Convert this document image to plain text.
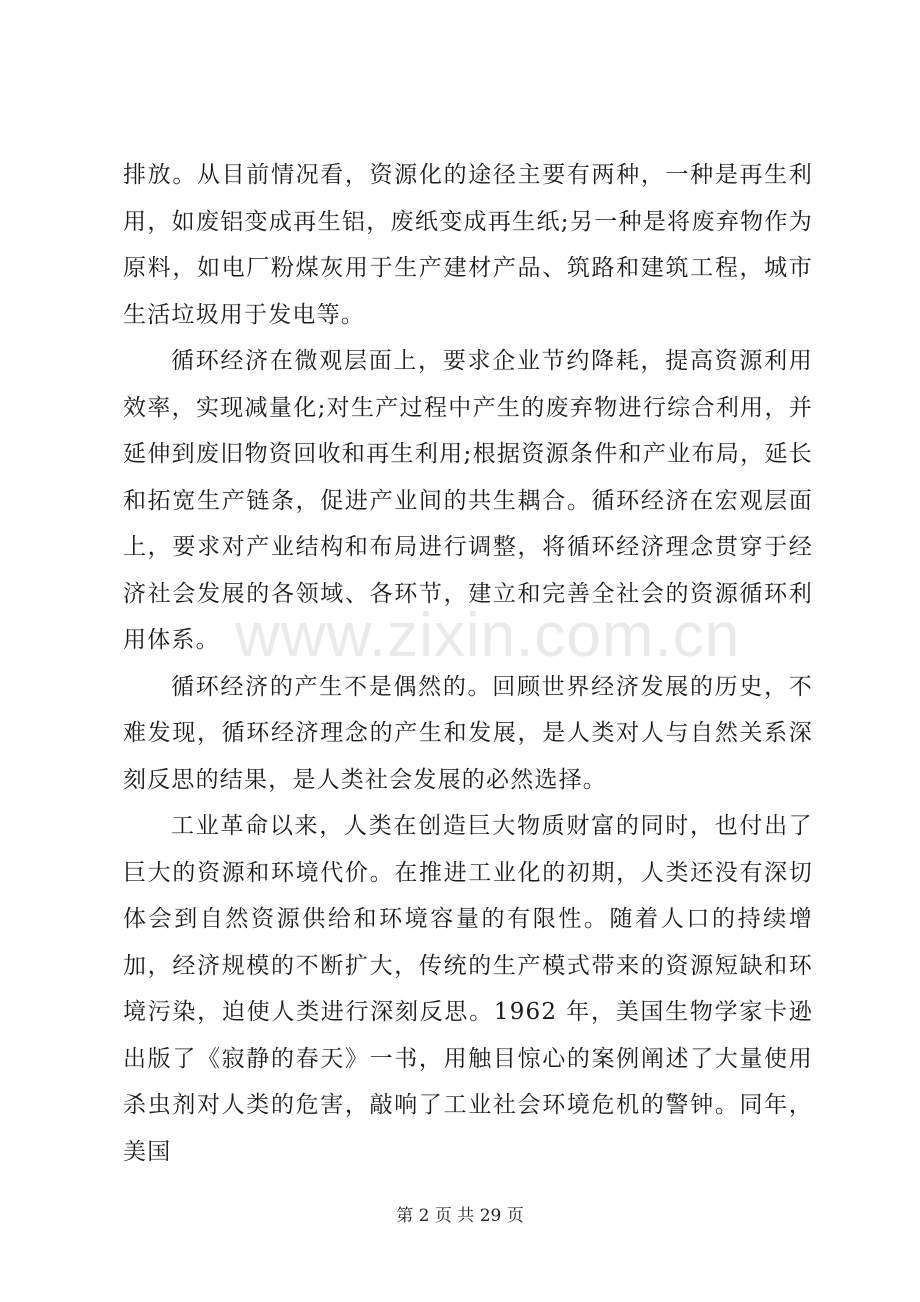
排放。从目前情况看，资源化的途径主要有两种，一种是再生利用，如废铝变成再生铝，废纸变成再生纸;另一种是将废弃物作为原料，如电厂粉煤灰用于生产建材产品、筑路和建筑工程，城市生活垃圾用于发电等。

循环经济在微观层面上，要求企业节约降耗，提高资源利用效率，实现减量化;对生产过程中产生的废弃物进行综合利用，并延伸到废旧物资回收和再生利用;根据资源条件和产业布局，延长和拓宽生产链条，促进产业间的共生耦合。循环经济在宏观层面上，要求对产业结构和布局进行调整，将循环经济理念贯穿于经济社会发展的各领域、各环节，建立和完善全社会的资源循环利用体系。

循环经济的产生不是偶然的。回顾世界经济发展的历史，不难发现，循环经济理念的产生和发展，是人类对人与自然关系深刻反思的结果，是人类社会发展的必然选择。

工业革命以来，人类在创造巨大物质财富的同时，也付出了巨大的资源和环境代价。在推进工业化的初期，人类还没有深切体会到自然资源供给和环境容量的有限性。随着人口的持续增加，经济规模的不断扩大，传统的生产模式带来的资源短缺和环境污染，迫使人类进行深刻反思。1962 年，美国生物学家卡逊出版了《寂静的春天》一书，用触目惊心的案例阐述了大量使用杀虫剂对人类的危害，敲响了工业社会环境危机的警钟。同年，美国

www.zixin.com.cn
第 2 页 共 29 页
